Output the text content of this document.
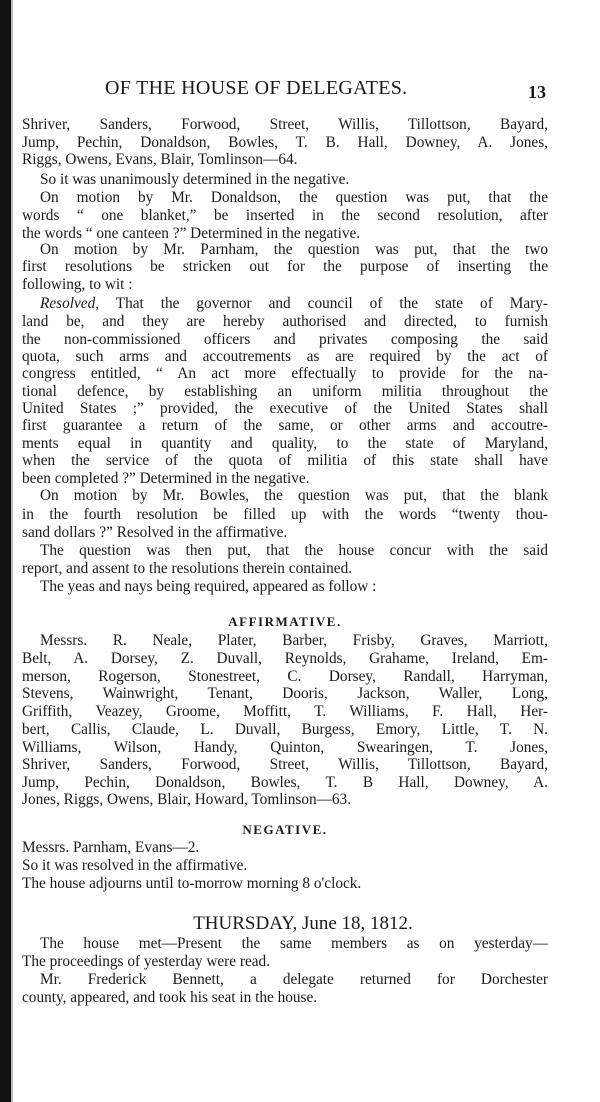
OF THE HOUSE OF DELEGATES.	13
Shriver, Sanders, Forwood, Street, Willis, Tillottson, Bayard,
Jump, Pechin, Donaldson, Bowles, T. B. Hall, Downey, A. Jones,
Riggs, Owens, Evans, Blair, Tomlinson—64.
So it was unanimously determined in the negative.
On motion by Mr. Donaldson, the question was put, that the
words “ one blanket,” be inserted in the second resolution, after
the words “ one canteen ?” Determined in the negative.
On motion by Mr. Parnham, the question was put, that the two
first resolutions be stricken out for the purpose of inserting the
following, to wit :
Resolved, That the governor and council of the state of Mary-
land be, and they are hereby authorised and directed, to furnish
the non-commissioned officers and privates composing the said
quota, such arms and accoutrements as are required by the act of
congress entitled, “ An act more effectually to provide for the na-
tional defence, by establishing an uniform militia throughout the
United States ;” provided, the executive of the United States shall
first guarantee a return of the same, or other arms and accoutre-
ments equal in quantity and quality, to the state of Maryland,
when the service of the quota of militia of this state shall have
been completed ?” Determined in the negative.
On motion by Mr. Bowles, the question was put, that the blank
in the fourth resolution be filled up with the words “twenty thou-
sand dollars ?” Resolved in the affirmative.
The question was then put, that the house concur with the said
report, and assent to the resolutions therein contained.
The yeas and nays being required, appeared as follow :
AFFIRMATIVE.
Messrs. R. Neale, Plater, Barber, Frisby, Graves, Marriott,
Belt, A. Dorsey, Z. Duvall, Reynolds, Grahame, Ireland, Em-
merson, Rogerson, Stonestreet, C. Dorsey, Randall, Harryman,
Stevens, Wainwright, Tenant, Dooris, Jackson, Waller, Long,
Griffith, Veazey, Groome, Moffitt, T. Williams, F. Hall, Her-
bert, Callis, Claude, L. Duvall, Burgess, Emory, Little, T. N.
Williams, Wilson, Handy, Quinton, Swearingen, T. Jones,
Shriver, Sanders, Forwood, Street, Willis, Tillottson, Bayard,
Jump, Pechin, Donaldson, Bowles, T. B Hall, Downey, A.
Jones, Riggs, Owens, Blair, Howard, Tomlinson—63.
NEGATIVE.
Messrs. Parnham, Evans—2.
So it was resolved in the affirmative.
The house adjourns until to-morrow morning 8 o'clock.
THURSDAY, June 18, 1812.
The house met—Present the same members as on yesterday—
The proceedings of yesterday were read.
Mr. Frederick Bennett, a delegate returned for Dorchester
county, appeared, and took his seat in the house.
